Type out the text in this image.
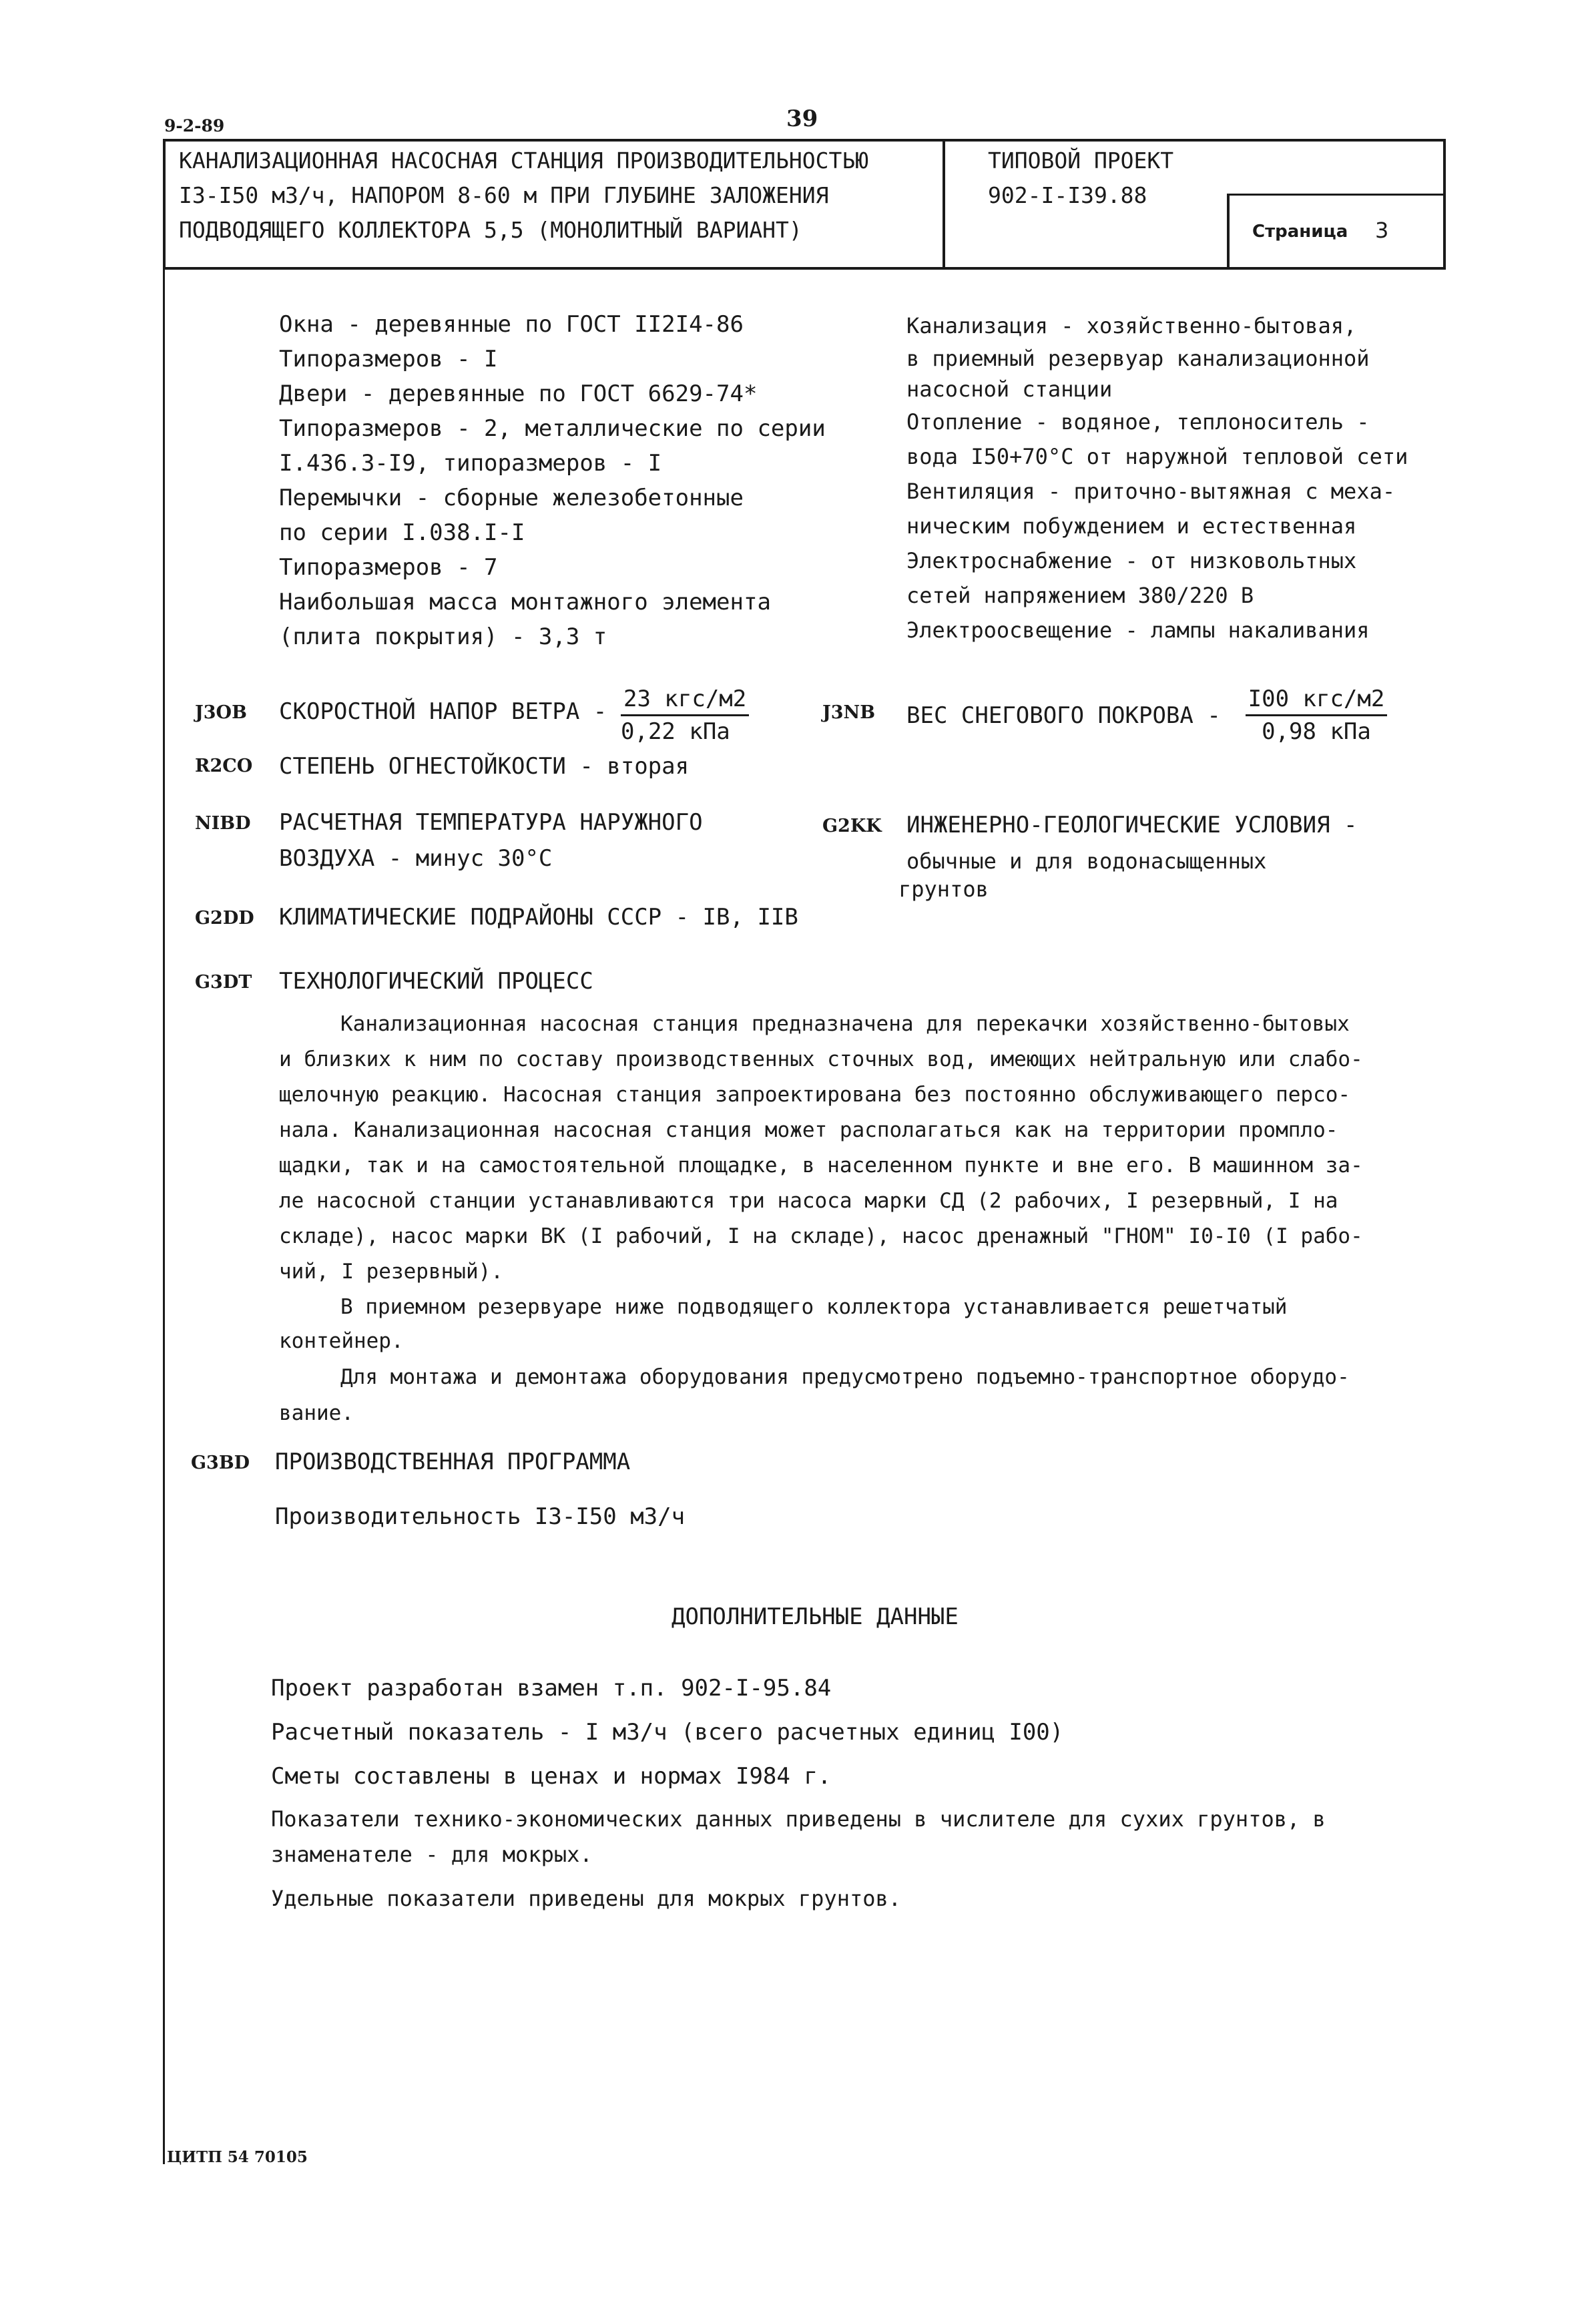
9-2-89	39
КАНАЛИЗАЦИОННАЯ НАСОСНАЯ СТАНЦИЯ ПРОИЗВОДИТЕЛЬНОСТЬЮ
I3-I50 м3/ч, НАПОРОМ 8-60 м ПРИ ГЛУБИНЕ ЗАЛОЖЕНИЯ
ПОДВОДЯЩЕГО КОЛЛЕКТОРА 5,5 (МОНОЛИТНЫЙ ВАРИАНТ)
ТИПОВОЙ ПРОЕКТ
902-I-I39.88
Страница 3
Окна - деревянные по ГОСТ II2I4-86
Типоразмеров - I
Двери - деревянные по ГОСТ 6629-74*
Типоразмеров - 2, металлические по серии
I.436.3-I9, типоразмеров - I
Перемычки - сборные железобетонные
по серии I.038.I-I
Типоразмеров - 7
Наибольшая масса монтажного элемента
(плита покрытия) - 3,3 т
Канализация - хозяйственно-бытовая,
в приемный резервуар канализационной
насосной станции
Отопление - водяное, теплоноситель -
вода I50+70°С от наружной тепловой сети
Вентиляция - приточно-вытяжная с меха-
ническим побуждением и естественная
Электроснабжение - от низковольтных
сетей напряжением 380/220 В
Электроосвещение - лампы накаливания
J3OB СКОРОСТНОЙ НАПОР ВЕТРА - 23 кгс/м2
0,22 кПа
J3NB ВЕС СНЕГОВОГО ПОКРОВА -
I00 кгс/м2
0,98 кПа
R2CO СТЕПЕНЬ ОГНЕСТОЙКОСТИ - вторая
NIBD РАСЧЕТНАЯ ТЕМПЕРАТУРА НАРУЖНОГО
ВОЗДУХА - минус 30°С
G2KK ИНЖЕНЕРНО-ГЕОЛОГИЧЕСКИЕ УСЛОВИЯ -
обычные и для водонасыщенных
грунтов
G2DD КЛИМАТИЧЕСКИЕ ПОДРАЙОНЫ СССР - IВ, IIВ
G3DT ТЕХНОЛОГИЧЕСКИЙ ПРОЦЕСС
Канализационная насосная станция предназначена для перекачки хозяйственно-бытовых
и близких к ним по составу производственных сточных вод, имеющих нейтральную или слабо-
щелочную реакцию. Насосная станция запроектирована без постоянно обслуживающего персо-
нала. Канализационная насосная станция может располагаться как на территории промпло-
щадки, так и на самостоятельной площадке, в населенном пункте и вне его. В машинном за-
ле насосной станции устанавливаются три насоса марки СД (2 рабочих, I резервный, I на
складе), насос марки ВК (I рабочий, I на складе), насос дренажный "ГНОМ" I0-I0 (I рабо-
чий, I резервный).
В приемном резервуаре ниже подводящего коллектора устанавливается решетчатый
контейнер.
Для монтажа и демонтажа оборудования предусмотрено подъемно-транспортное оборудо-
вание.
G3BD ПРОИЗВОДСТВЕННАЯ ПРОГРАММА
Производительность I3-I50 м3/ч
ДОПОЛНИТЕЛЬНЫЕ ДАННЫЕ
Проект разработан взамен т.п. 902-I-95.84
Расчетный показатель - I м3/ч (всего расчетных единиц I00)
Сметы составлены в ценах и нормах I984 г.
Показатели технико-экономических данных приведены в числителе для сухих грунтов, в
знаменателе - для мокрых.
Удельные показатели приведены для мокрых грунтов.
ЦИТП 54 70105
